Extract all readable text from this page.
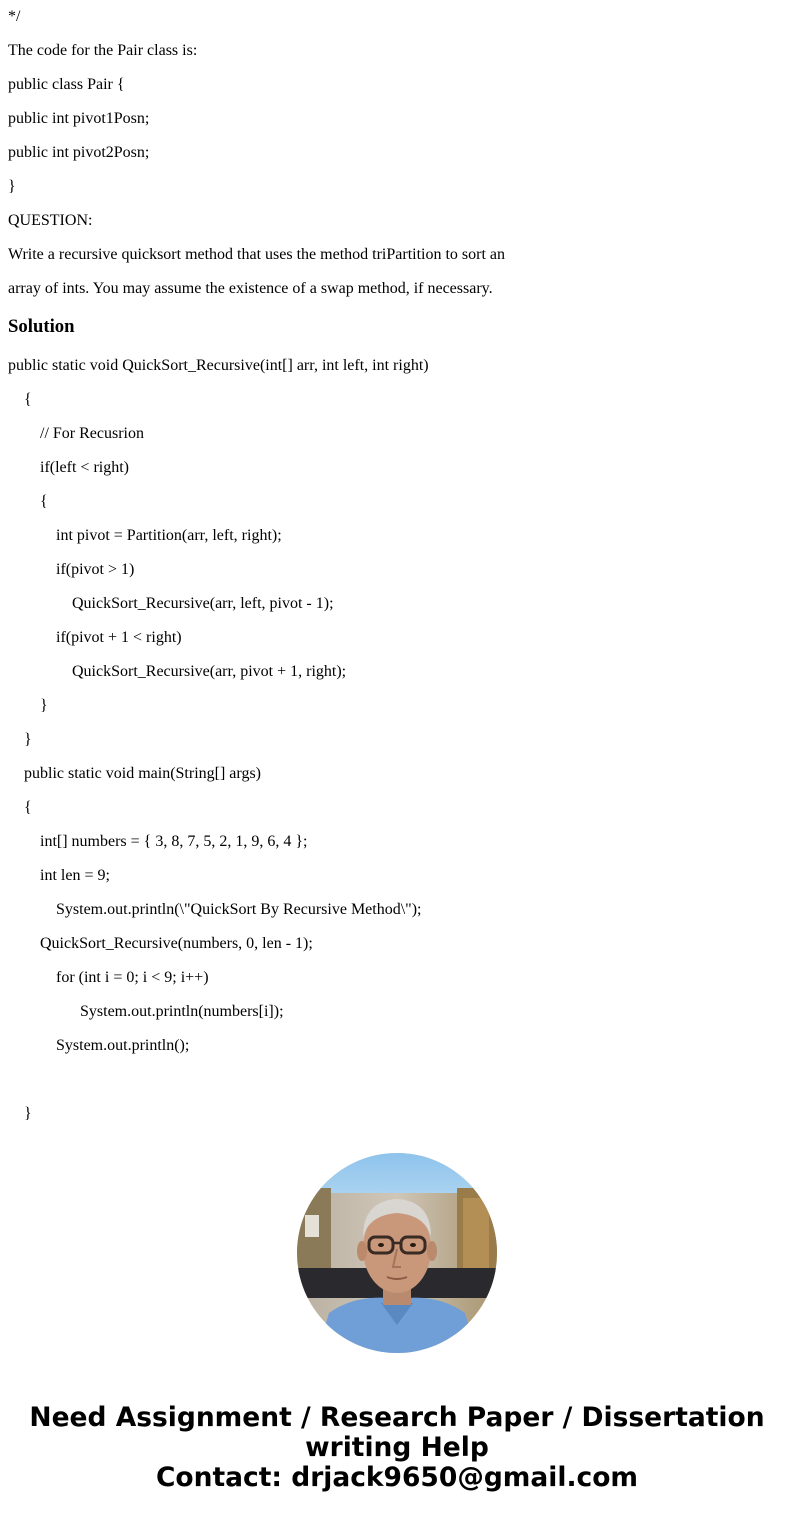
*/
The code for the Pair class is:
public class Pair {
public int pivot1Posn;
public int pivot2Posn;
}
QUESTION:
Write a recursive quicksort method that uses the method triPartition to sort an
array of ints. You may assume the existence of a swap method, if necessary.
Solution
public static void QuickSort_Recursive(int[] arr, int left, int right)
{
// For Recusrion
if(left < right)
{
int pivot = Partition(arr, left, right);
if(pivot > 1)
QuickSort_Recursive(arr, left, pivot - 1);
if(pivot + 1 < right)
QuickSort_Recursive(arr, pivot + 1, right);
}
}
public static void main(String[] args)
{
int[] numbers = { 3, 8, 7, 5, 2, 1, 9, 6, 4 };
int len = 9;
System.out.println(\"QuickSort By Recursive Method\");
QuickSort_Recursive(numbers, 0, len - 1);
for (int i = 0; i < 9; i++)
System.out.println(numbers[i]);
System.out.println();
}
Need Assignment / Research Paper / Dissertation
writing Help
Contact: drjack9650@gmail.com
